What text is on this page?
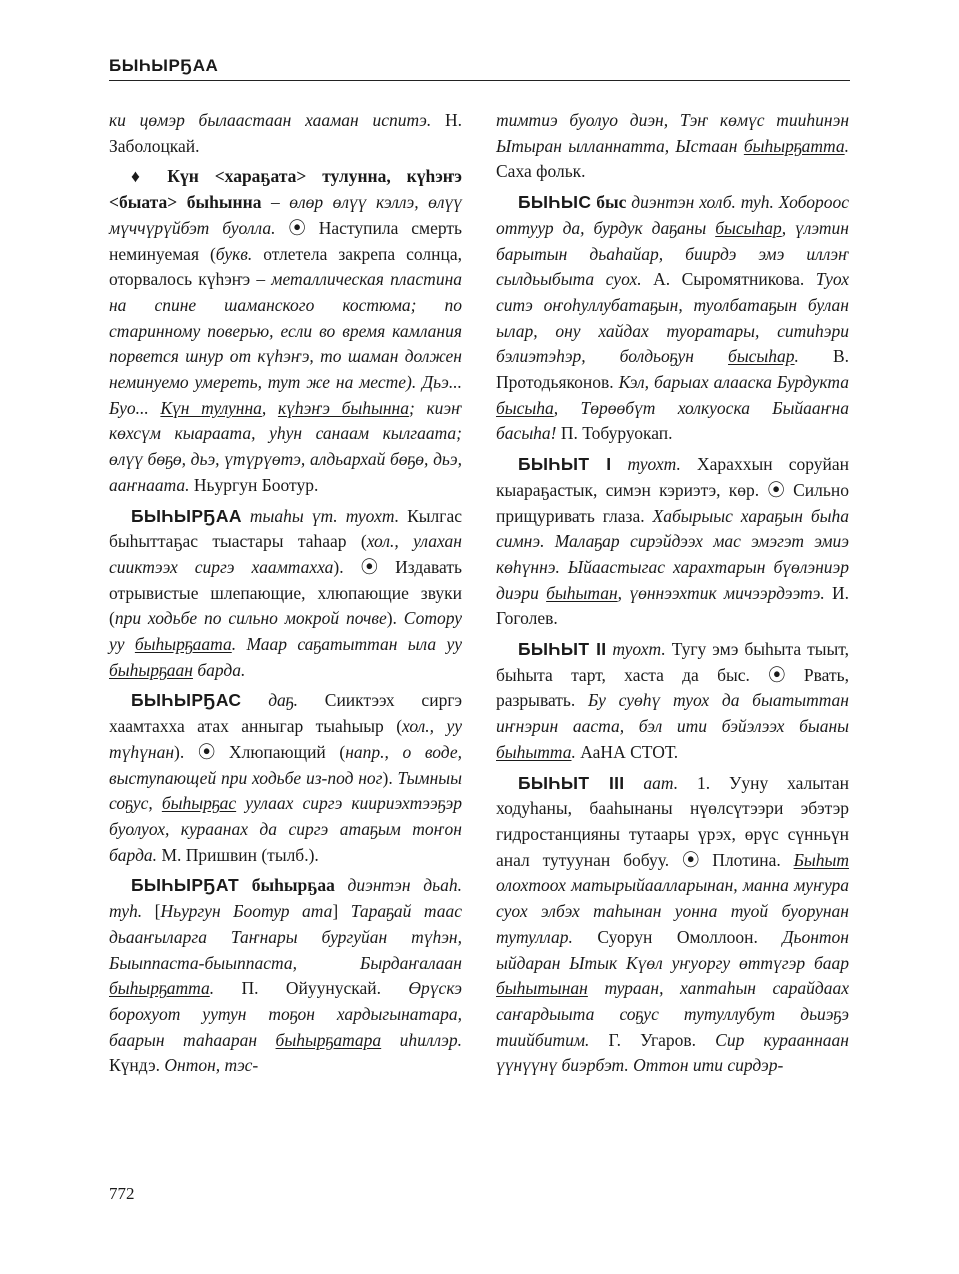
БЫҺЫРҔАА

ки цөмэр былаастаан хааман испитэ. Н. Заболоцкай.

♦ Күн <хараҕата> тулунна, күһэҥэ <быата> быһынна – өлөр өлүү кэллэ, өлүү мүччүрүйбэт буолла. ⦿ Наступила смерть неминуемая (букв. отлетела закрепа солнца, оторвалось күһэҥэ – металлическая пластина на спине шаманского костюма; по старинному поверью, если во время камлания порвется шнур от күһэҥэ, то шаман должен неминуемо умереть, тут же на месте). Дьэ... Буо... Күн тулунна, күһэҥэ быһынна; киэҥ көхсүм кыараата, уһун санаам кылгаата; өлүү бөҕө, дьэ, үтүрүөтэ, алдьархай бөҕө, дьэ, ааҥнаата. Ньургун Боотур.

БЫҺЫРҔАА тыаһы үт. туохт. Кылгас быһыттаҕас тыастары таһаар (хол., улахан сииктээх сиргэ хаамтахха). ⦿ Издавать отрывистые шлепающие, хлюпающие звуки (при ходьбе по сильно мокрой почве). Сотору уу быһырҕаата. Маар саҕатыттан ыла уу быһырҕаан барда.

БЫҺЫРҔАС даҕ. Сииктээх сиргэ хаамтахха атах анныгар тыаһыыр (хол., уу түһүнан). ⦿ Хлюпающий (напр., о воде, выступающей при ходьбе из-под ног). Тымныы соҕус, быһырҕас уулаах сиргэ киириэхтээҕэр буолуох, кураанах да сиргэ атаҕым тоҥон барда. М. Пришвин (тылб.).

БЫҺЫРҔАТ быһырҕаа диэнтэн дьаһ. туһ. [Ньургун Боотур ата] Тараҕай таас дьааҥыларга Таҥнары бургуйан түһэн, Быыппаста-быыппаста, Бырдаҥалаан быһырҕатта. П. Ойуунускай. Өрүскэ борохуот уутун тоҕон хардыгынатара, баарын таһааран быһырҕатара иһиллэр. Күндэ. Онтон, тэс-

тимтиэ буолуо диэн, Тэҥ көмүс тииһинэн Ытыран ылланнатта, Ыстаан быһырҕатта. Саха фольк.

БЫҺЫС быс диэнтэн холб. туһ. Хобороос оттуур да, бурдук даҕаны бысыһар, үлэтин барытын дьаһайар, биирдэ эмэ иллэҥ сылдьыбыта суох. А. Сыромятникова. Туох ситэ оҥоһуллубатаҕын, туолбатаҕын булан ылар, ону хайдах туоратары, ситиһэри бэлиэтэһэр, болдьоҕун бысыһар. В. Протодьяконов. Кэл, барыах алааска Бурдукта бысыһа, Төрөөбүт холкуоска Быйааҥна басыһа! П. Тобуруокап.

БЫҺЫТ I туохт. Хараххын соруйан кыараҕастык, симэн кэриэтэ, көр. ⦿ Сильно прищуривать глаза. Хабырыыс хараҕын быһа симнэ. Малаҕар сирэйдээх мас эмэгэт эмиэ көһүннэ. Ыйаастыгас харахтарын бүөлэниэр диэри быһытан, үөннээхтик мичээрдээтэ. И. Гоголев.

БЫҺЫТ II туохт. Тугу эмэ быһыта тыыт, быһыта тарт, хаста да быс. ⦿ Рвать, разрывать. Бу суөһү туох да быатыттан иҥнэрин ааста, бэл ити бэйэлээх быаны быһытта. АаНА СТОТ.

БЫҺЫТ III аат. 1. Ууну халытан ходуһаны, бааһынаны нүөлсүтээри эбэтэр гидростанцияны тутаары үрэх, өрүс сүнньүн анал тутуунан бобуу. ⦿ Плотина. Быһыт олохтоох матырыйаалларынан, манна муҥура суох элбэх таһынан уонна туой буорунан тутуллар. Суорун Омоллоон. Дьонтон ыйдаран Ытык Күөл уҥуоргу өттүгэр баар быһытынан тураан, хаптаһын сарайдаах саҥардыыта соҕус тутуллубут дьиэҕэ тиийбитим. Г. Угаров. Сир курааннаан үүнүүнү биэрбэт. Оттон ити сирдэр-

772
